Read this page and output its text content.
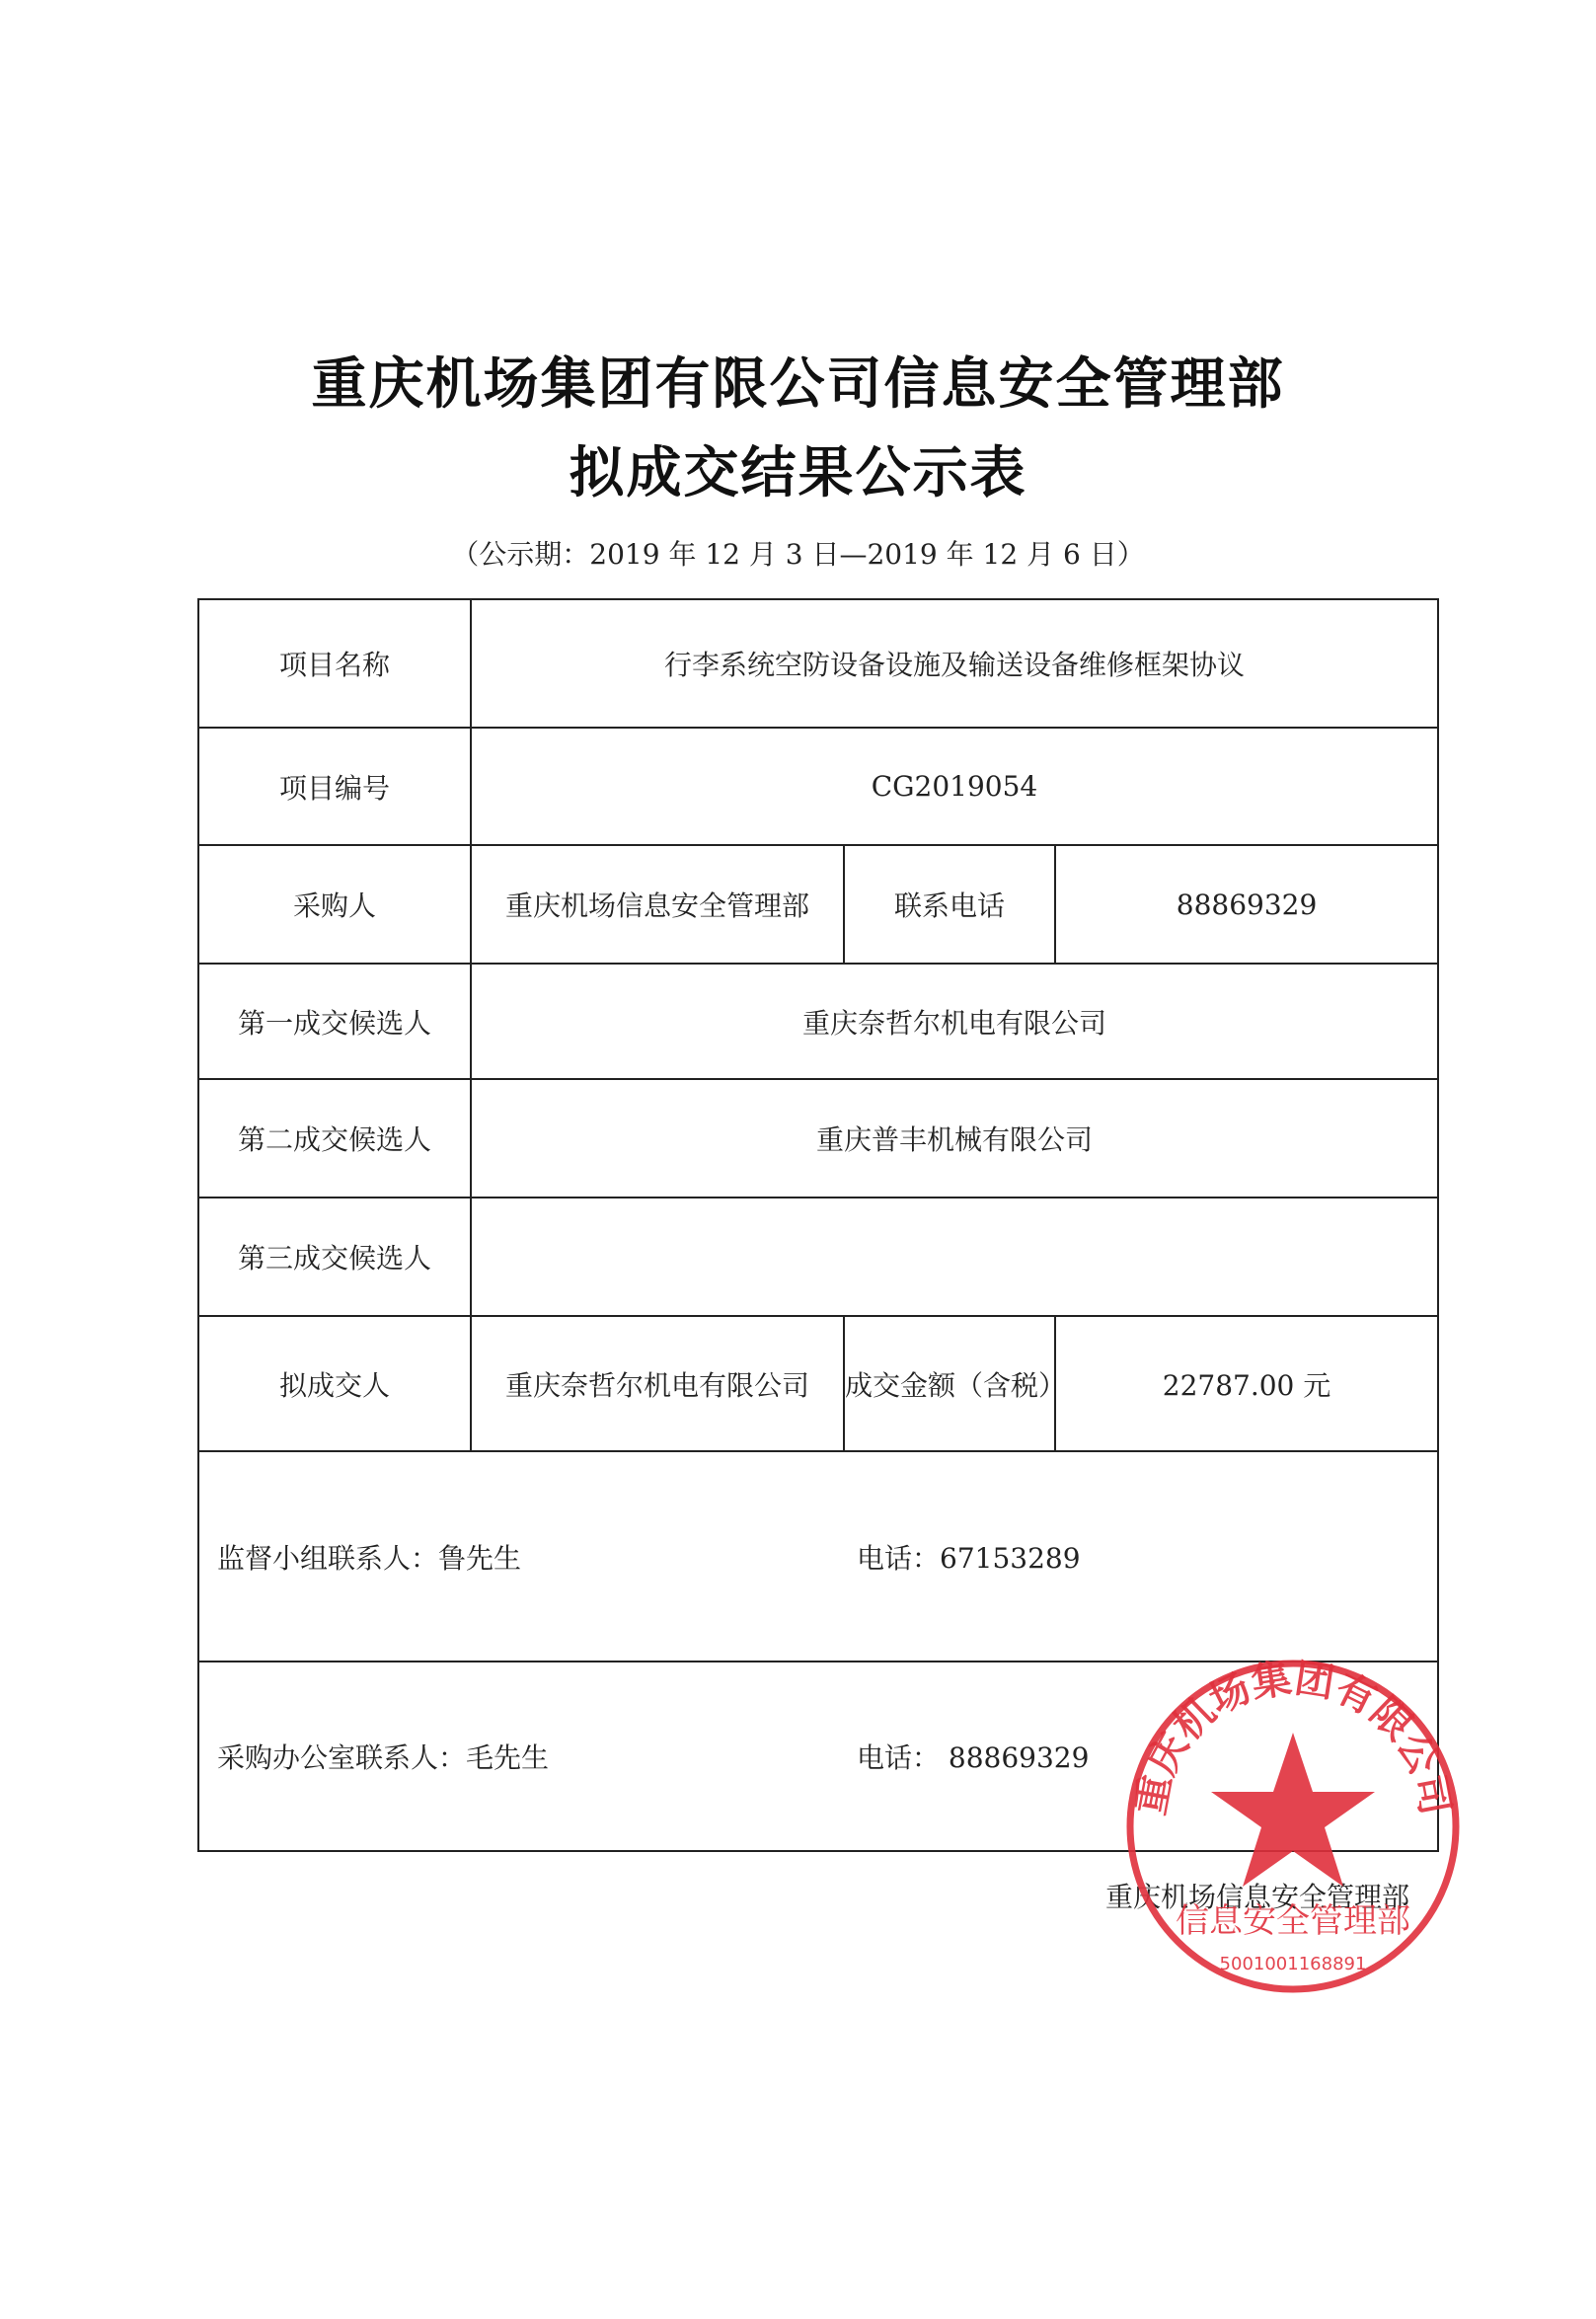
重庆机场集团有限公司信息安全管理部
拟成交结果公示表
（公示期：2019 年 12 月 3 日—2019 年 12 月 6 日）
项目名称	行李系统空防设备设施及输送设备维修框架协议		
项目编号	CG2019054		
采购人	重庆机场信息安全管理部	联系电话	88869329
第一成交候选人	重庆奈哲尔机电有限公司		
第二成交候选人	重庆普丰机械有限公司		
第三成交候选人			
拟成交人	重庆奈哲尔机电有限公司	成交金额（含税）	22787.00 元

监督小组联系人：鲁先生 电话：67153289			

采购办公室联系人：毛先生 电话： 88869329			
重庆机场信息安全管理部
重庆机场集团有限公司
信息安全管理部
5001001168891
